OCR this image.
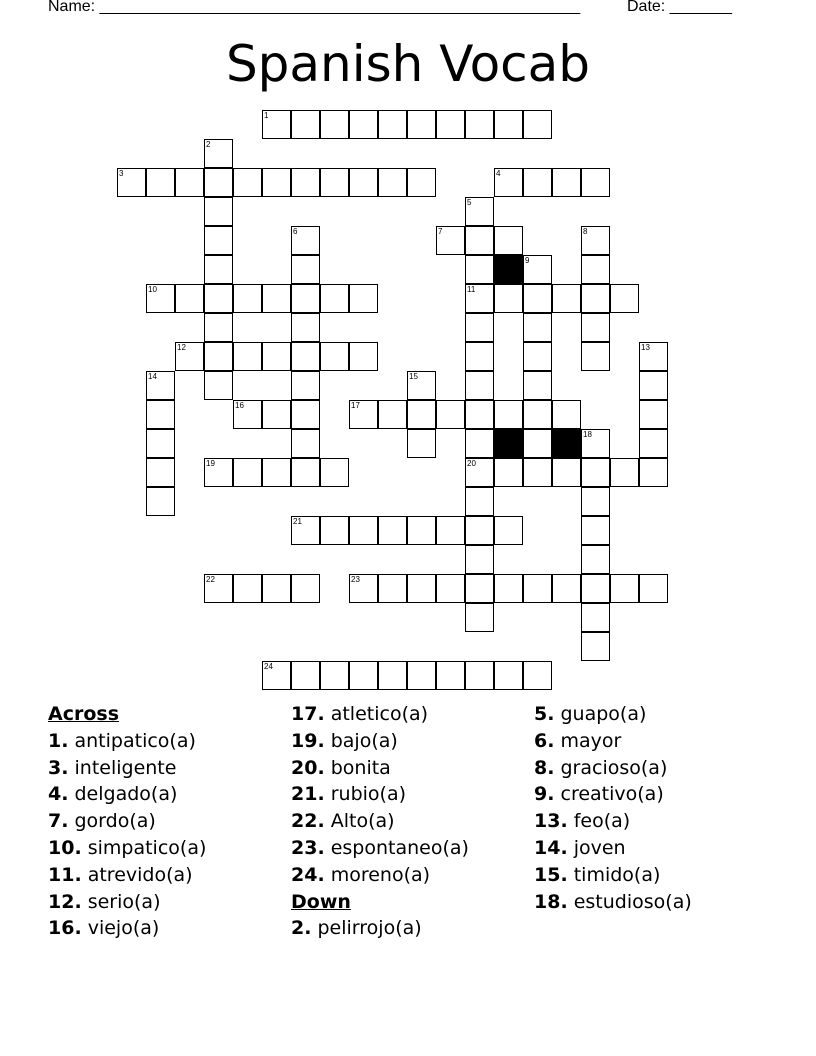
Name: ______________________________________________________	Date: _______
Spanish Vocab
1
3	4
7
10	11
12
16	17
19	20
21
22	23
24
2
5
6	8
9
13
14	15
18
Across
1. antipatico(a)
3. inteligente
4. delgado(a)
7. gordo(a)
10. simpatico(a)
11. atrevido(a)
12. serio(a)
16. viejo(a)
17. atletico(a)
19. bajo(a)
20. bonita
21. rubio(a)
22. Alto(a)
23. espontaneo(a)
24. moreno(a)
Down
2. pelirrojo(a)
5. guapo(a)
6. mayor
8. gracioso(a)
9. creativo(a)
13. feo(a)
14. joven
15. timido(a)
18. estudioso(a)
